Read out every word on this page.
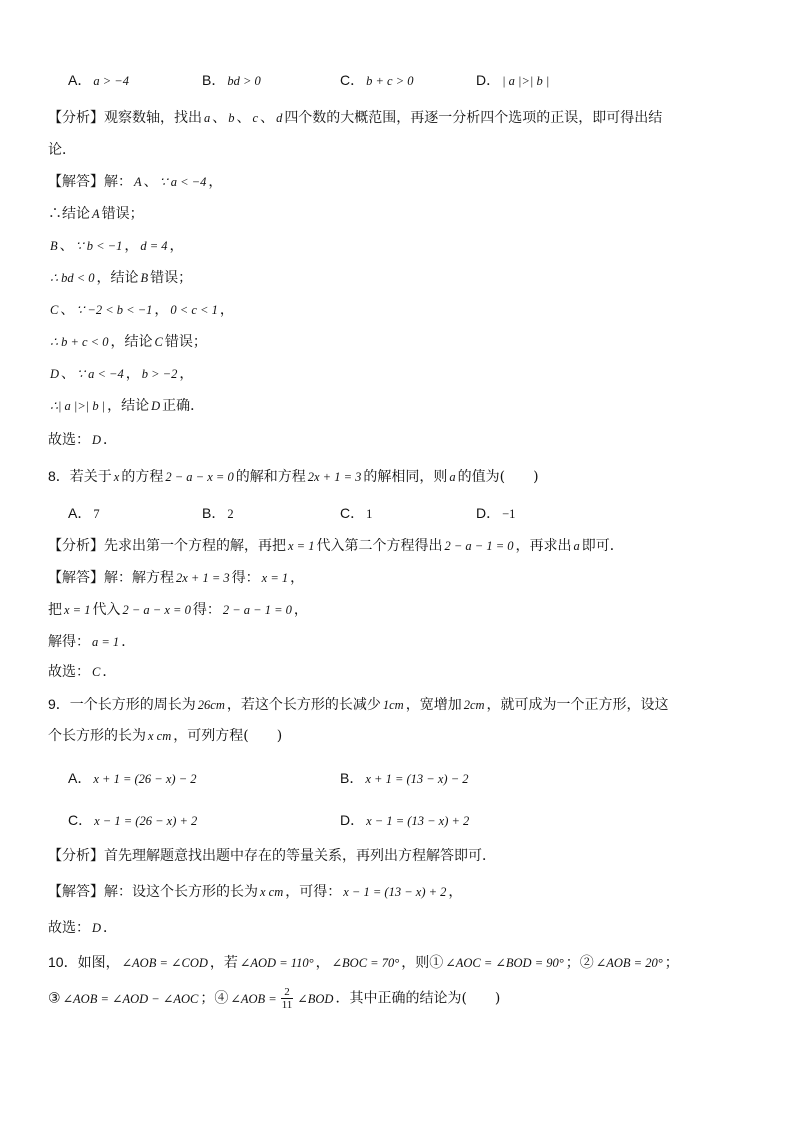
A． a > −4	B． bd > 0	C． b + c > 0	D． | a |>| b |
【分析】观察数轴，找出 a 、 b 、 c 、 d 四个数的大概范围，再逐一分析四个选项的正误，即可得出结
论．
【解答】解： A 、 ∵ a < −4 ，
∴结论 A 错误；
B 、 ∵ b < −1 ， d = 4 ，
∴ bd < 0 ，结论 B 错误；
C 、 ∵ −2 < b < −1 ， 0 < c < 1 ，
∴ b + c < 0 ，结论 C 错误；
D 、 ∵ a < −4 ， b > −2 ，
∴| a |>| b | ，结论 D 正确．
故选： D ．
8．若关于 x 的方程 2 − a − x = 0 的解和方程 2x + 1 = 3 的解相同，则 a 的值为(　　)
A． 7	B． 2	C． 1	D． −1
【分析】先求出第一个方程的解，再把 x = 1 代入第二个方程得出 2 − a − 1 = 0 ，再求出 a 即可．
【解答】解：解方程 2x + 1 = 3 得： x = 1 ，
把 x = 1 代入 2 − a − x = 0 得： 2 − a − 1 = 0 ，
解得： a = 1 ．
故选： C ．
9．一个长方形的周长为 26cm ，若这个长方形的长减少 1cm ，宽增加 2cm ，就可成为一个正方形，设这
个长方形的长为 x cm ，可列方程(　　)
A． x + 1 = (26 − x) − 2	B． x + 1 = (13 − x) − 2
C． x − 1 = (26 − x) + 2	D． x − 1 = (13 − x) + 2
【分析】首先理解题意找出题中存在的等量关系，再列出方程解答即可．
【解答】解：设这个长方形的长为 x cm ，可得： x − 1 = (13 − x) + 2 ，
故选： D ．
10．如图， ∠AOB = ∠COD ，若 ∠AOD = 110° ， ∠BOC = 70° ，则① ∠AOC = ∠BOD = 90° ；② ∠AOB = 20° ；
③ ∠AOB = ∠AOD − ∠AOC ；④ ∠AOB = $\frac{2}{11}$ ∠BOD ．其中正确的结论为(　　)
